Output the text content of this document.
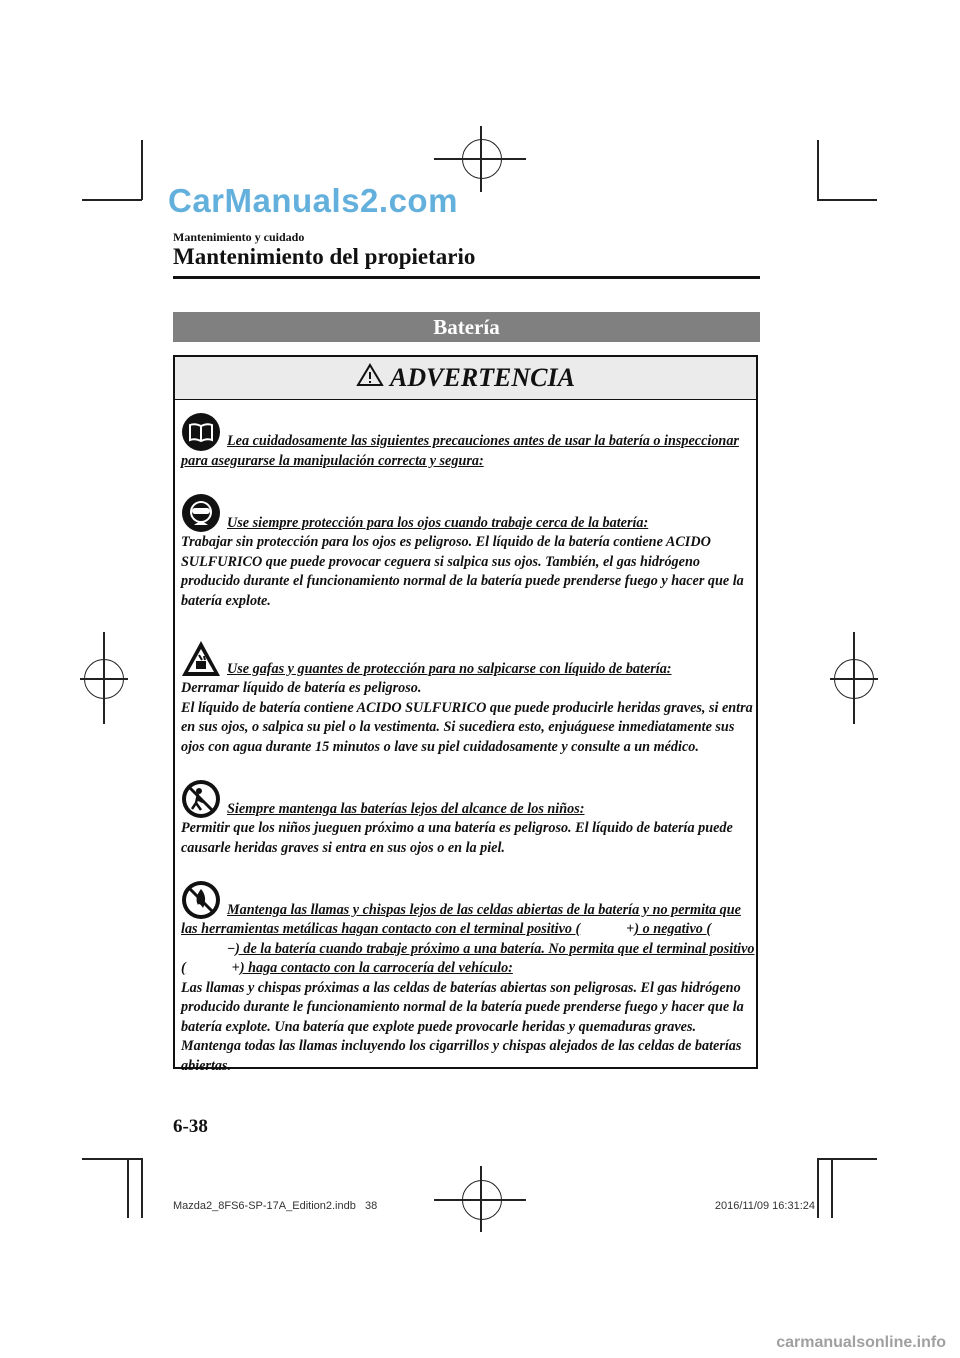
CarManuals2.com
Mantenimiento y cuidado
Mantenimiento del propietario
Batería
ADVERTENCIA
Lea cuidadosamente las siguientes precauciones antes de usar la batería o inspeccionar para asegurarse la manipulación correcta y segura:
Use siempre protección para los ojos cuando trabaje cerca de la batería:
Trabajar sin protección para los ojos es peligroso. El líquido de la batería contiene ACIDO SULFURICO que puede provocar ceguera si salpica sus ojos. También, el gas hidrógeno producido durante el funcionamiento normal de la batería puede prenderse fuego y hacer que la batería explote.
Use gafas y guantes de protección para no salpicarse con líquido de batería:
Derramar líquido de batería es peligroso.
El líquido de batería contiene ACIDO SULFURICO que puede producirle heridas graves, si entra en sus ojos, o salpica su piel o la vestimenta. Si sucediera esto, enjuáguese inmediatamente sus ojos con agua durante 15 minutos o lave su piel cuidadosamente y consulte a un médico.
Siempre mantenga las baterías lejos del alcance de los niños:
Permitir que los niños jueguen próximo a una batería es peligroso. El líquido de batería puede causarle heridas graves si entra en sus ojos o en la piel.
Mantenga las llamas y chispas lejos de las celdas abiertas de la batería y no permita que las herramientas metálicas hagan contacto con el terminal positivo (	+) o negativo (−) de la batería cuando trabaje próximo a una batería. No permita que el terminal positivo (	+) haga contacto con la carrocería del vehículo:
Las llamas y chispas próximas a las celdas de baterías abiertas son peligrosas. El gas hidrógeno producido durante le funcionamiento normal de la batería puede prenderse fuego y hacer que la batería explote. Una batería que explote puede provocarle heridas y quemaduras graves. Mantenga todas las llamas incluyendo los cigarrillos y chispas alejados de las celdas de baterías abiertas.
6-38
Mazda2_8FS6-SP-17A_Edition2.indb 38	2016/11/09 16:31:24
carmanualsonline.info
